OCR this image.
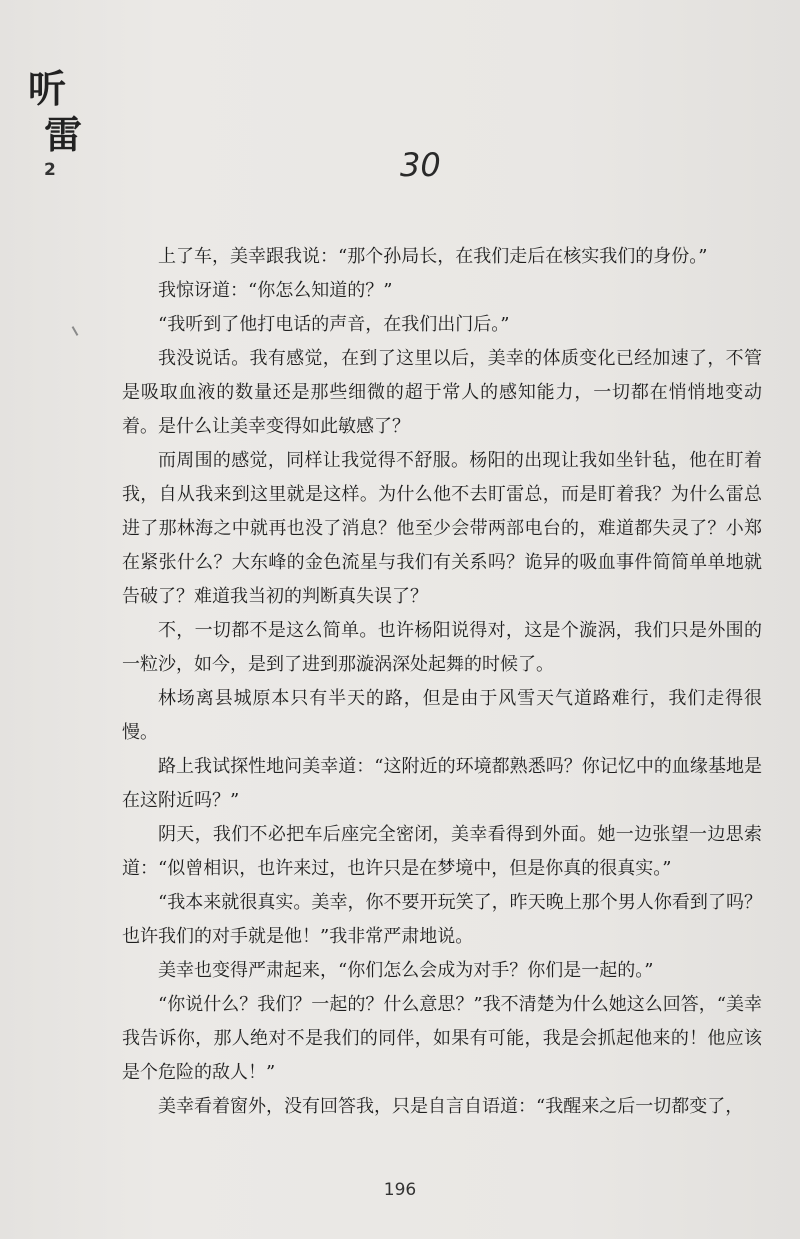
听
雷
2	30

上了车，美幸跟我说：“那个孙局长，在我们走后在核实我们的身份。”

我惊讶道：“你怎么知道的？”

“我听到了他打电话的声音，在我们出门后。”

我没说话。我有感觉，在到了这里以后，美幸的体质变化已经加速了，不管是吸取血液的数量还是那些细微的超于常人的感知能力，一切都在悄悄地变动着。是什么让美幸变得如此敏感了？

而周围的感觉，同样让我觉得不舒服。杨阳的出现让我如坐针毡，他在盯着我，自从我来到这里就是这样。为什么他不去盯雷总，而是盯着我？为什么雷总进了那林海之中就再也没了消息？他至少会带两部电台的，难道都失灵了？小郑在紧张什么？大东峰的金色流星与我们有关系吗？诡异的吸血事件简简单单地就告破了？难道我当初的判断真失误了？

不，一切都不是这么简单。也许杨阳说得对，这是个漩涡，我们只是外围的一粒沙，如今，是到了进到那漩涡深处起舞的时候了。

林场离县城原本只有半天的路，但是由于风雪天气道路难行，我们走得很慢。

路上我试探性地问美幸道：“这附近的环境都熟悉吗？你记忆中的血缘基地是在这附近吗？”

阴天，我们不必把车后座完全密闭，美幸看得到外面。她一边张望一边思索道：“似曾相识，也许来过，也许只是在梦境中，但是你真的很真实。”

“我本来就很真实。美幸，你不要开玩笑了，昨天晚上那个男人你看到了吗？也许我们的对手就是他！”我非常严肃地说。

美幸也变得严肃起来，“你们怎么会成为对手？你们是一起的。”

“你说什么？我们？一起的？什么意思？”我不清楚为什么她这么回答，“美幸我告诉你，那人绝对不是我们的同伴，如果有可能，我是会抓起他来的！他应该是个危险的敌人！”

美幸看着窗外，没有回答我，只是自言自语道：“我醒来之后一切都变了，

196
